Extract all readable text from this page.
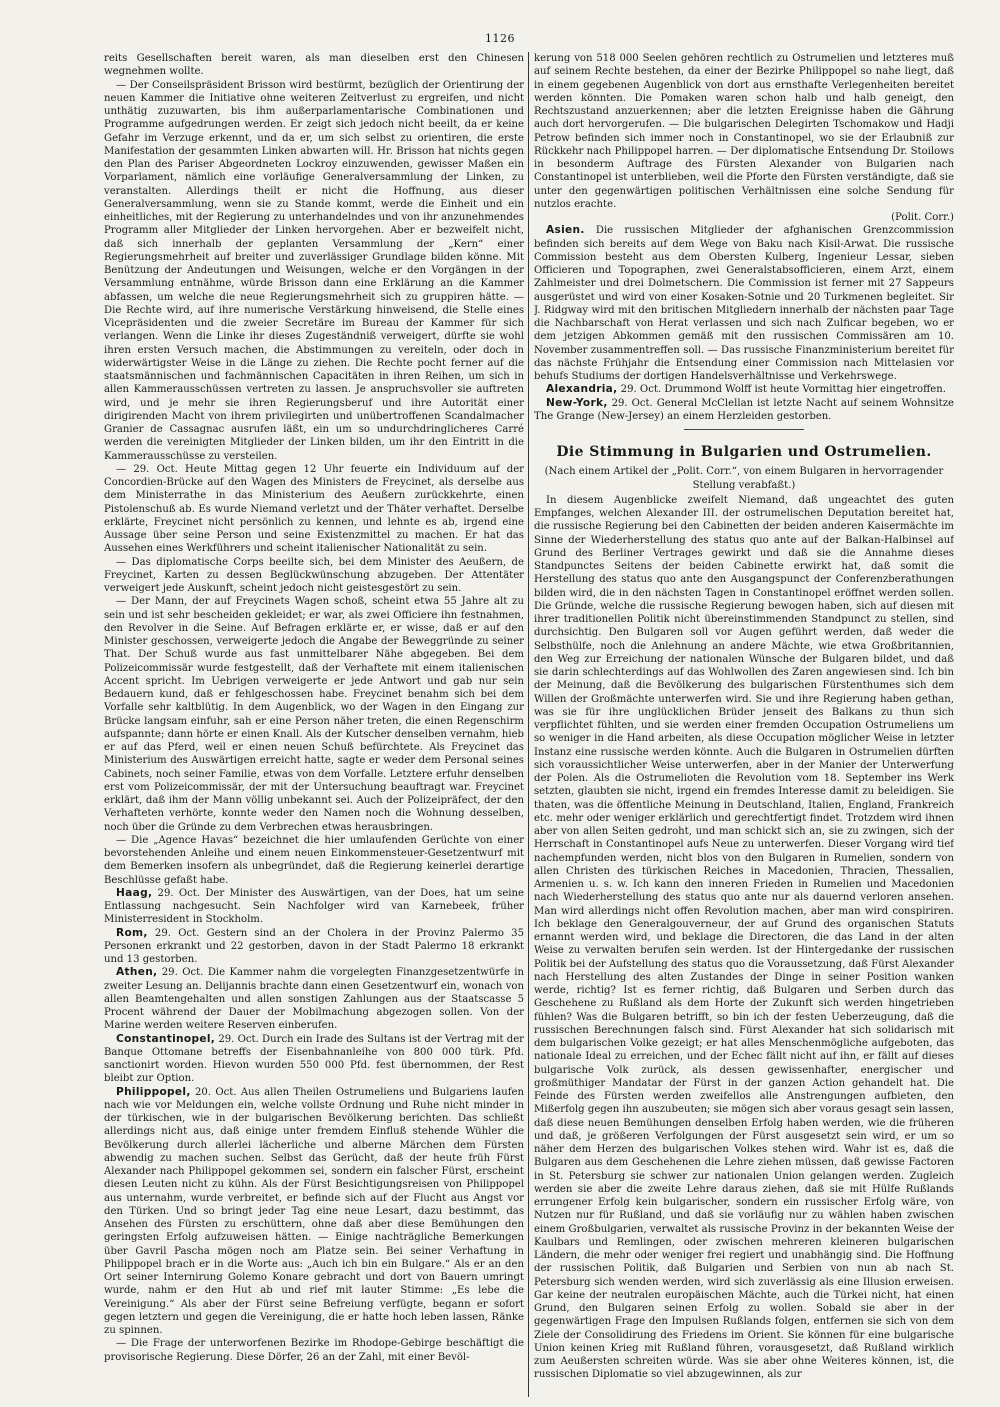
1126

reits Gesellschaften bereit waren, als man dieselben erst den Chinesen wegnehmen wollte.

— Der Conseilspräsident Brisson wird bestürmt, bezüglich der Orientirung der neuen Kammer die Initiative ohne weiteren Zeitverlust zu ergreifen, und nicht unthätig zuzuwarten, bis ihm außerparlamentarische Combinationen und Programme aufgedrungen werden. Er zeigt sich jedoch nicht beeilt, da er keine Gefahr im Verzuge erkennt, und da er, um sich selbst zu orientiren, die erste Manifestation der gesammten Linken abwarten will. Hr. Brisson hat nichts gegen den Plan des Pariser Abgeordneten Lockroy einzuwenden, gewisser Maßen ein Vorparlament, nämlich eine vorläufige Generalversammlung der Linken, zu veranstalten. Allerdings theilt er nicht die Hoffnung, aus dieser Generalversammlung, wenn sie zu Stande kommt, werde die Einheit und ein einheitliches, mit der Regierung zu unterhandelndes und von ihr anzunehmendes Programm aller Mitglieder der Linken hervorgehen. Aber er bezweifelt nicht, daß sich innerhalb der geplanten Versammlung der „Kern“ einer Regierungsmehrheit auf breiter und zuverlässiger Grundlage bilden könne. Mit Benützung der Andeutungen und Weisungen, welche er den Vorgängen in der Versammlung entnähme, würde Brisson dann eine Erklärung an die Kammer abfassen, um welche die neue Regierungsmehrheit sich zu gruppiren hätte. — Die Rechte wird, auf ihre numerische Verstärkung hinweisend, die Stelle eines Vicepräsidenten und die zweier Secretäre im Bureau der Kammer für sich verlangen. Wenn die Linke ihr dieses Zugeständniß verweigert, dürfte sie wohl ihren ersten Versuch machen, die Abstimmungen zu vereiteln, oder doch in widerwärtigster Weise in die Länge zu ziehen. Die Rechte pocht ferner auf die staatsmännischen und fachmännischen Capacitäten in ihren Reihen, um sich in allen Kammerausschüssen vertreten zu lassen. Je anspruchsvoller sie auftreten wird, und je mehr sie ihren Regierungsberuf und ihre Autorität einer dirigirenden Macht von ihrem privilegirten und unübertroffenen Scandalmacher Granier de Cassagnac ausrufen läßt, ein um so undurchdringlicheres Carré werden die vereinigten Mitglieder der Linken bilden, um ihr den Eintritt in die Kammerausschüsse zu versteilen.

— 29. Oct. Heute Mittag gegen 12 Uhr feuerte ein Individuum auf der Concordien-Brücke auf den Wagen des Ministers de Freycinet, als derselbe aus dem Ministerrathe in das Ministerium des Aeußern zurückkehrte, einen Pistolenschuß ab. Es wurde Niemand verletzt und der Thäter verhaftet. Derselbe erklärte, Freycinet nicht persönlich zu kennen, und lehnte es ab, irgend eine Aussage über seine Person und seine Existenzmittel zu machen. Er hat das Aussehen eines Werkführers und scheint italienischer Nationalität zu sein.

— Das diplomatische Corps beeilte sich, bei dem Minister des Aeußern, de Freycinet, Karten zu dessen Beglückwünschung abzugeben. Der Attentäter verweigert jede Auskunft, scheint jedoch nicht geistesgestört zu sein.

— Der Mann, der auf Freycinets Wagen schoß, scheint etwa 55 Jahre alt zu sein und ist sehr bescheiden gekleidet; er war, als zwei Officiere ihn festnahmen, den Revolver in die Seine. Auf Befragen erklärte er, er wisse, daß er auf den Minister geschossen, verweigerte jedoch die Angabe der Beweggründe zu seiner That. Der Schuß wurde aus fast unmittelbarer Nähe abgegeben. Bei dem Polizeicommissär wurde festgestellt, daß der Verhaftete mit einem italienischen Accent spricht. Im Uebrigen verweigerte er jede Antwort und gab nur sein Bedauern kund, daß er fehlgeschossen habe. Freycinet benahm sich bei dem Vorfalle sehr kaltblütig. In dem Augenblick, wo der Wagen in den Eingang zur Brücke langsam einfuhr, sah er eine Person näher treten, die einen Regenschirm aufspannte; dann hörte er einen Knall. Als der Kutscher denselben vernahm, hieb er auf das Pferd, weil er einen neuen Schuß befürchtete. Als Freycinet das Ministerium des Auswärtigen erreicht hatte, sagte er weder dem Personal seines Cabinets, noch seiner Familie, etwas von dem Vorfalle. Letztere erfuhr denselben erst vom Polizeicommissär, der mit der Untersuchung beauftragt war. Freycinet erklärt, daß ihm der Mann völlig unbekannt sei. Auch der Polizeipräfect, der den Verhafteten verhörte, konnte weder den Namen noch die Wohnung desselben, noch über die Gründe zu dem Verbrechen etwas herausbringen.

— Die „Agence Havas“ bezeichnet die hier umlaufenden Gerüchte von einer bevorstehenden Anleihe und einem neuen Einkommensteuer-Gesetzentwurf mit dem Bemerken insofern als unbegründet, daß die Regierung keinerlei derartige Beschlüsse gefaßt habe.

Haag, 29. Oct. Der Minister des Auswärtigen, van der Does, hat um seine Entlassung nachgesucht. Sein Nachfolger wird van Karnebeek, früher Ministerresident in Stockholm.

Rom, 29. Oct. Gestern sind an der Cholera in der Provinz Palermo 35 Personen erkrankt und 22 gestorben, davon in der Stadt Palermo 18 erkrankt und 13 gestorben.

Athen, 29. Oct. Die Kammer nahm die vorgelegten Finanzgesetzentwürfe in zweiter Lesung an. Delijannis brachte dann einen Gesetzentwurf ein, wonach von allen Beamtengehalten und allen sonstigen Zahlungen aus der Staatscasse 5 Procent während der Dauer der Mobilmachung abgezogen sollen. Von der Marine werden weitere Reserven einberufen.

Constantinopel, 29. Oct. Durch ein Irade des Sultans ist der Vertrag mit der Banque Ottomane betreffs der Eisenbahnanleihe von 800 000 türk. Pfd. sanctionirt worden. Hievon wurden 550 000 Pfd. fest übernommen, der Rest bleibt zur Option.

Philippopel, 20. Oct. Aus allen Theilen Ostrumeliens und Bulgariens laufen nach wie vor Meldungen ein, welche vollste Ordnung und Ruhe nicht minder in der türkischen, wie in der bulgarischen Bevölkerung berichten. Das schließt allerdings nicht aus, daß einige unter fremdem Einfluß stehende Wühler die Bevölkerung durch allerlei lächerliche und alberne Märchen dem Fürsten abwendig zu machen suchen. Selbst das Gerücht, daß der heute früh Fürst Alexander nach Philippopel gekommen sei, sondern ein falscher Fürst, erscheint diesen Leuten nicht zu kühn. Als der Fürst Besichtigungsreisen von Philippopel aus unternahm, wurde verbreitet, er befinde sich auf der Flucht aus Angst vor den Türken. Und so bringt jeder Tag eine neue Lesart, dazu bestimmt, das Ansehen des Fürsten zu erschüttern, ohne daß aber diese Bemühungen den geringsten Erfolg aufzuweisen hätten. — Einige nachträgliche Bemerkungen über Gavril Pascha mögen noch am Platze sein. Bei seiner Verhaftung in Philippopel brach er in die Worte aus: „Auch ich bin ein Bulgare.“ Als er an den Ort seiner Internirung Golemo Konare gebracht und dort von Bauern umringt wurde, nahm er den Hut ab und rief mit lauter Stimme: „Es lebe die Vereinigung.“ Als aber der Fürst seine Befreiung verfügte, begann er sofort gegen letztern und gegen die Vereinigung, die er hatte hoch leben lassen, Ränke zu spinnen.

— Die Frage der unterworfenen Bezirke im Rhodope-Gebirge beschäftigt die provisorische Regierung. Diese Dörfer, 26 an der Zahl, mit einer Bevöl-

kerung von 518 000 Seelen gehören rechtlich zu Ostrumelien und letzteres muß auf seinem Rechte bestehen, da einer der Bezirke Philippopel so nahe liegt, daß in einem gegebenen Augenblick von dort aus ernsthafte Verlegenheiten bereitet werden könnten. Die Pomaken waren schon halb und halb geneigt, den Rechtszustand anzuerkennen; aber die letzten Ereignisse haben die Gährung auch dort hervorgerufen. — Die bulgarischen Delegirten Tschomakow und Hadji Petrow befinden sich immer noch in Constantinopel, wo sie der Erlaubniß zur Rückkehr nach Philippopel harren. — Der diplomatische Entsendung Dr. Stoilows in besonderm Auftrage des Fürsten Alexander von Bulgarien nach Constantinopel ist unterblieben, weil die Pforte den Fürsten verständigte, daß sie unter den gegenwärtigen politischen Verhältnissen eine solche Sendung für nutzlos erachte.

(Polit. Corr.)

Asien. Die russischen Mitglieder der afghanischen Grenzcommission befinden sich bereits auf dem Wege von Baku nach Kisil-Arwat. Die russische Commission besteht aus dem Obersten Kulberg, Ingenieur Lessar, sieben Officieren und Topographen, zwei Generalstabsofficieren, einem Arzt, einem Zahlmeister und drei Dolmetschern. Die Commission ist ferner mit 27 Sappeurs ausgerüstet und wird von einer Kosaken-Sotnie und 20 Turkmenen begleitet. Sir J. Ridgway wird mit den britischen Mitgliedern innerhalb der nächsten paar Tage die Nachbarschaft von Herat verlassen und sich nach Zulficar begeben, wo er dem jetzigen Abkommen gemäß mit den russischen Commissären am 10. November zusammentreffen soll. — Das russische Finanzministerium bereitet für das nächste Frühjahr die Entsendung einer Commission nach Mittelasien vor behufs Studiums der dortigen Handelsverhältnisse und Verkehrswege.

Alexandria, 29. Oct. Drummond Wolff ist heute Vormittag hier eingetroffen.

New-York, 29. Oct. General McClellan ist letzte Nacht auf seinem Wohnsitze The Grange (New-Jersey) an einem Herzleiden gestorben.

Die Stimmung in Bulgarien und Ostrumelien.

(Nach einem Artikel der „Polit. Corr.“, von einem Bulgaren in hervorragender Stellung verabfaßt.)

In diesem Augenblicke zweifelt Niemand, daß ungeachtet des guten Empfanges, welchen Alexander III. der ostrumelischen Deputation bereitet hat, die russische Regierung bei den Cabinetten der beiden anderen Kaisermächte im Sinne der Wiederherstellung des status quo ante auf der Balkan-Halbinsel auf Grund des Berliner Vertrages gewirkt und daß sie die Annahme dieses Standpunctes Seitens der beiden Cabinette erwirkt hat, daß somit die Herstellung des status quo ante den Ausgangspunct der Conferenzberathungen bilden wird, die in den nächsten Tagen in Constantinopel eröffnet werden sollen. Die Gründe, welche die russische Regierung bewogen haben, sich auf diesen mit ihrer traditionellen Politik nicht übereinstimmenden Standpunct zu stellen, sind durchsichtig. Den Bulgaren soll vor Augen geführt werden, daß weder die Selbsthülfe, noch die Anlehnung an andere Mächte, wie etwa Großbritannien, den Weg zur Erreichung der nationalen Wünsche der Bulgaren bildet, und daß sie darin schlechterdings auf das Wohlwollen des Zaren angewiesen sind. Ich bin der Meinung, daß die Bevölkerung des bulgarischen Fürstenthumes sich dem Willen der Großmächte unterwerfen wird. Sie und ihre Regierung haben gethan, was sie für ihre unglücklichen Brüder jenseit des Balkans zu thun sich verpflichtet fühlten, und sie werden einer fremden Occupation Ostrumeliens um so weniger in die Hand arbeiten, als diese Occupation möglicher Weise in letzter Instanz eine russische werden könnte. Auch die Bulgaren in Ostrumelien dürften sich voraussichtlicher Weise unterwerfen, aber in der Manier der Unterwerfung der Polen. Als die Ostrumelioten die Revolution vom 18. September ins Werk setzten, glaubten sie nicht, irgend ein fremdes Interesse damit zu beleidigen. Sie thaten, was die öffentliche Meinung in Deutschland, Italien, England, Frankreich etc. mehr oder weniger erklärlich und gerechtfertigt findet. Trotzdem wird ihnen aber von allen Seiten gedroht, und man schickt sich an, sie zu zwingen, sich der Herrschaft in Constantinopel aufs Neue zu unterwerfen. Dieser Vorgang wird tief nachempfunden werden, nicht blos von den Bulgaren in Rumelien, sondern von allen Christen des türkischen Reiches in Macedonien, Thracien, Thessalien, Armenien u. s. w. Ich kann den inneren Frieden in Rumelien und Macedonien nach Wiederherstellung des status quo ante nur als dauernd verloren ansehen. Man wird allerdings nicht offen Revolution machen, aber man wird conspiriren. Ich beklage den Generalgouverneur, der auf Grund des organischen Statuts ernannt werden wird, und beklage die Directoren, die das Land in der alten Weise zu verwalten berufen sein werden. Ist der Hintergedanke der russischen Politik bei der Aufstellung des status quo die Voraussetzung, daß Fürst Alexander nach Herstellung des alten Zustandes der Dinge in seiner Position wanken werde, richtig? Ist es ferner richtig, daß Bulgaren und Serben durch das Geschehene zu Rußland als dem Horte der Zukunft sich werden hingetrieben fühlen? Was die Bulgaren betrifft, so bin ich der festen Ueberzeugung, daß die russischen Berechnungen falsch sind. Fürst Alexander hat sich solidarisch mit dem bulgarischen Volke gezeigt; er hat alles Menschenmögliche aufgeboten, das nationale Ideal zu erreichen, und der Echec fällt nicht auf ihn, er fällt auf dieses bulgarische Volk zurück, als dessen gewissenhafter, energischer und großmüthiger Mandatar der Fürst in der ganzen Action gehandelt hat. Die Feinde des Fürsten werden zweifellos alle Anstrengungen aufbieten, den Mißerfolg gegen ihn auszubeuten; sie mögen sich aber voraus gesagt sein lassen, daß diese neuen Bemühungen denselben Erfolg haben werden, wie die früheren und daß, je größeren Verfolgungen der Fürst ausgesetzt sein wird, er um so näher dem Herzen des bulgarischen Volkes stehen wird. Wahr ist es, daß die Bulgaren aus dem Geschehenen die Lehre ziehen müssen, daß gewisse Factoren in St. Petersburg sie schwer zur nationalen Union gelangen werden. Zugleich werden sie aber die zweite Lehre daraus ziehen, daß sie mit Hülfe Rußlands errungener Erfolg kein bulgarischer, sondern ein russischer Erfolg wäre, von Nutzen nur für Rußland, und daß sie vorläufig nur zu wählen haben zwischen einem Großbulgarien, verwaltet als russische Provinz in der bekannten Weise der Kaulbars und Remlingen, oder zwischen mehreren kleineren bulgarischen Ländern, die mehr oder weniger frei regiert und unabhängig sind. Die Hoffnung der russischen Politik, daß Bulgarien und Serbien von nun ab nach St. Petersburg sich wenden werden, wird sich zuverlässig als eine Illusion erweisen. Gar keine der neutralen europäischen Mächte, auch die Türkei nicht, hat einen Grund, den Bulgaren seinen Erfolg zu wollen. Sobald sie aber in der gegenwärtigen Frage den Impulsen Rußlands folgen, entfernen sie sich von dem Ziele der Consolidirung des Friedens im Orient. Sie können für eine bulgarische Union keinen Krieg mit Rußland führen, vorausgesetzt, daß Rußland wirklich zum Aeußersten schreiten würde. Was sie aber ohne Weiteres können, ist, die russischen Diplomatie so viel abzugewinnen, als zur
